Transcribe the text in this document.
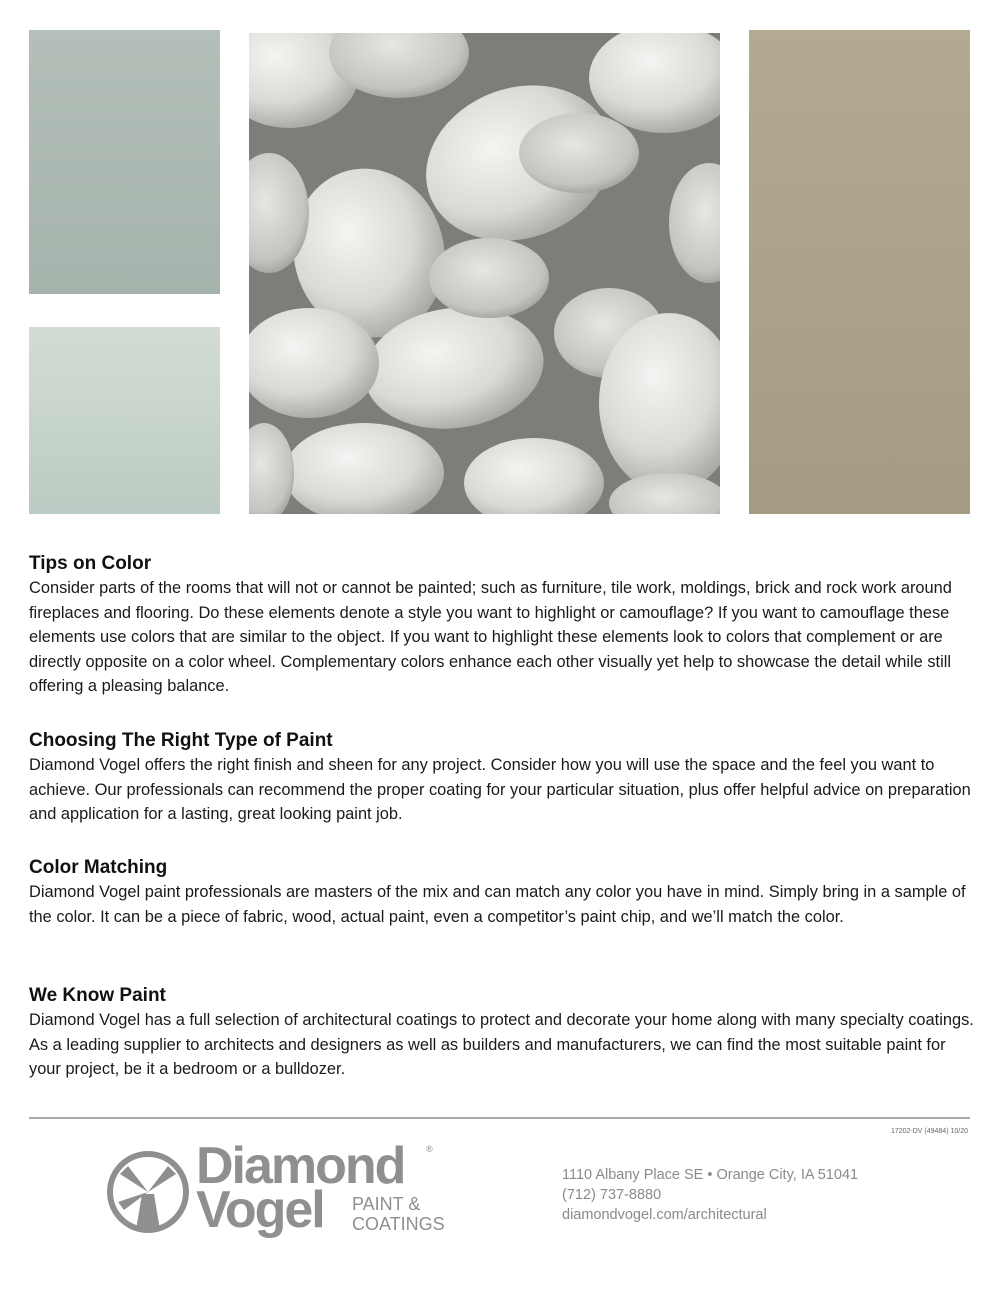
Tips on Color

Consider parts of the rooms that will not or cannot be painted; such as furniture, tile work, moldings, brick and rock work around fireplaces and flooring. Do these elements denote a style you want to highlight or camouflage? If you want to camouflage these elements use colors that are similar to the object. If you want to highlight these elements look to colors that complement or are directly opposite on a color wheel. Complementary colors enhance each other visually yet help to showcase the detail while still offering a pleasing balance.

Choosing The Right Type of Paint

Diamond Vogel offers the right finish and sheen for any project. Consider how you will use the space and the feel you want to achieve. Our professionals can recommend the proper coating for your particular situation, plus offer helpful advice on preparation and application for a lasting, great looking paint job.

Color Matching

Diamond Vogel paint professionals are masters of the mix and can match any color you have in mind. Simply bring in a sample of the color. It can be a piece of fabric, wood, actual paint, even a competitor’s paint chip, and we’ll match the color.

We Know Paint

Diamond Vogel has a full selection of architectural coatings to protect and decorate your home along with many specialty coatings. As a leading supplier to architects and designers as well as builders and manufacturers, we can find the most suitable paint for your project, be it a bedroom or a bulldozer.

17202-DV (49484) 10/20
Diamond ®
Vogel PAINT &
COATINGS
1110 Albany Place SE • Orange City, IA 51041
(712) 737-8880
diamondvogel.com/architectural
